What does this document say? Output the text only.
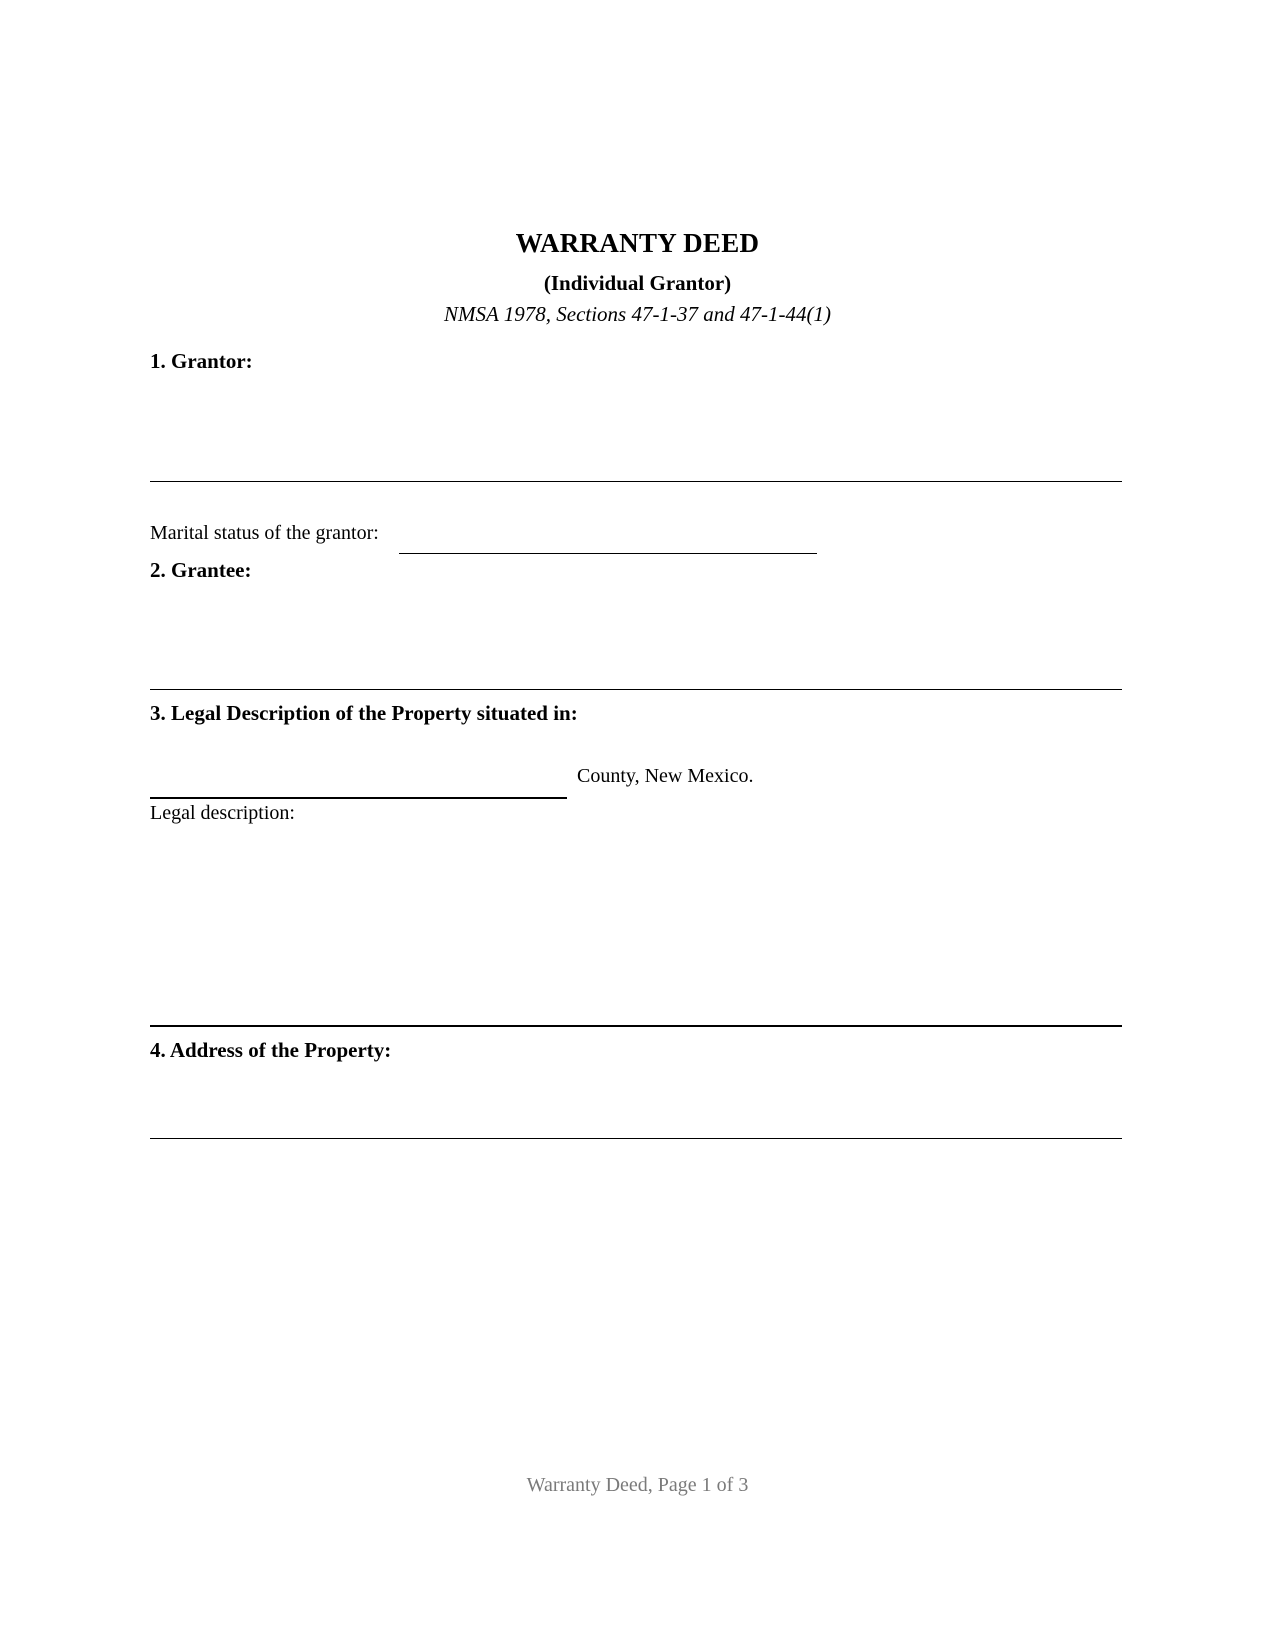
WARRANTY DEED
(Individual Grantor)
NMSA 1978, Sections 47-1-37 and 47-1-44(1)
1. Grantor:
Marital status of the grantor:
2. Grantee:
3. Legal Description of the Property situated in:
County, New Mexico.
Legal description:
4. Address of the Property:
Warranty Deed, Page 1 of 3
